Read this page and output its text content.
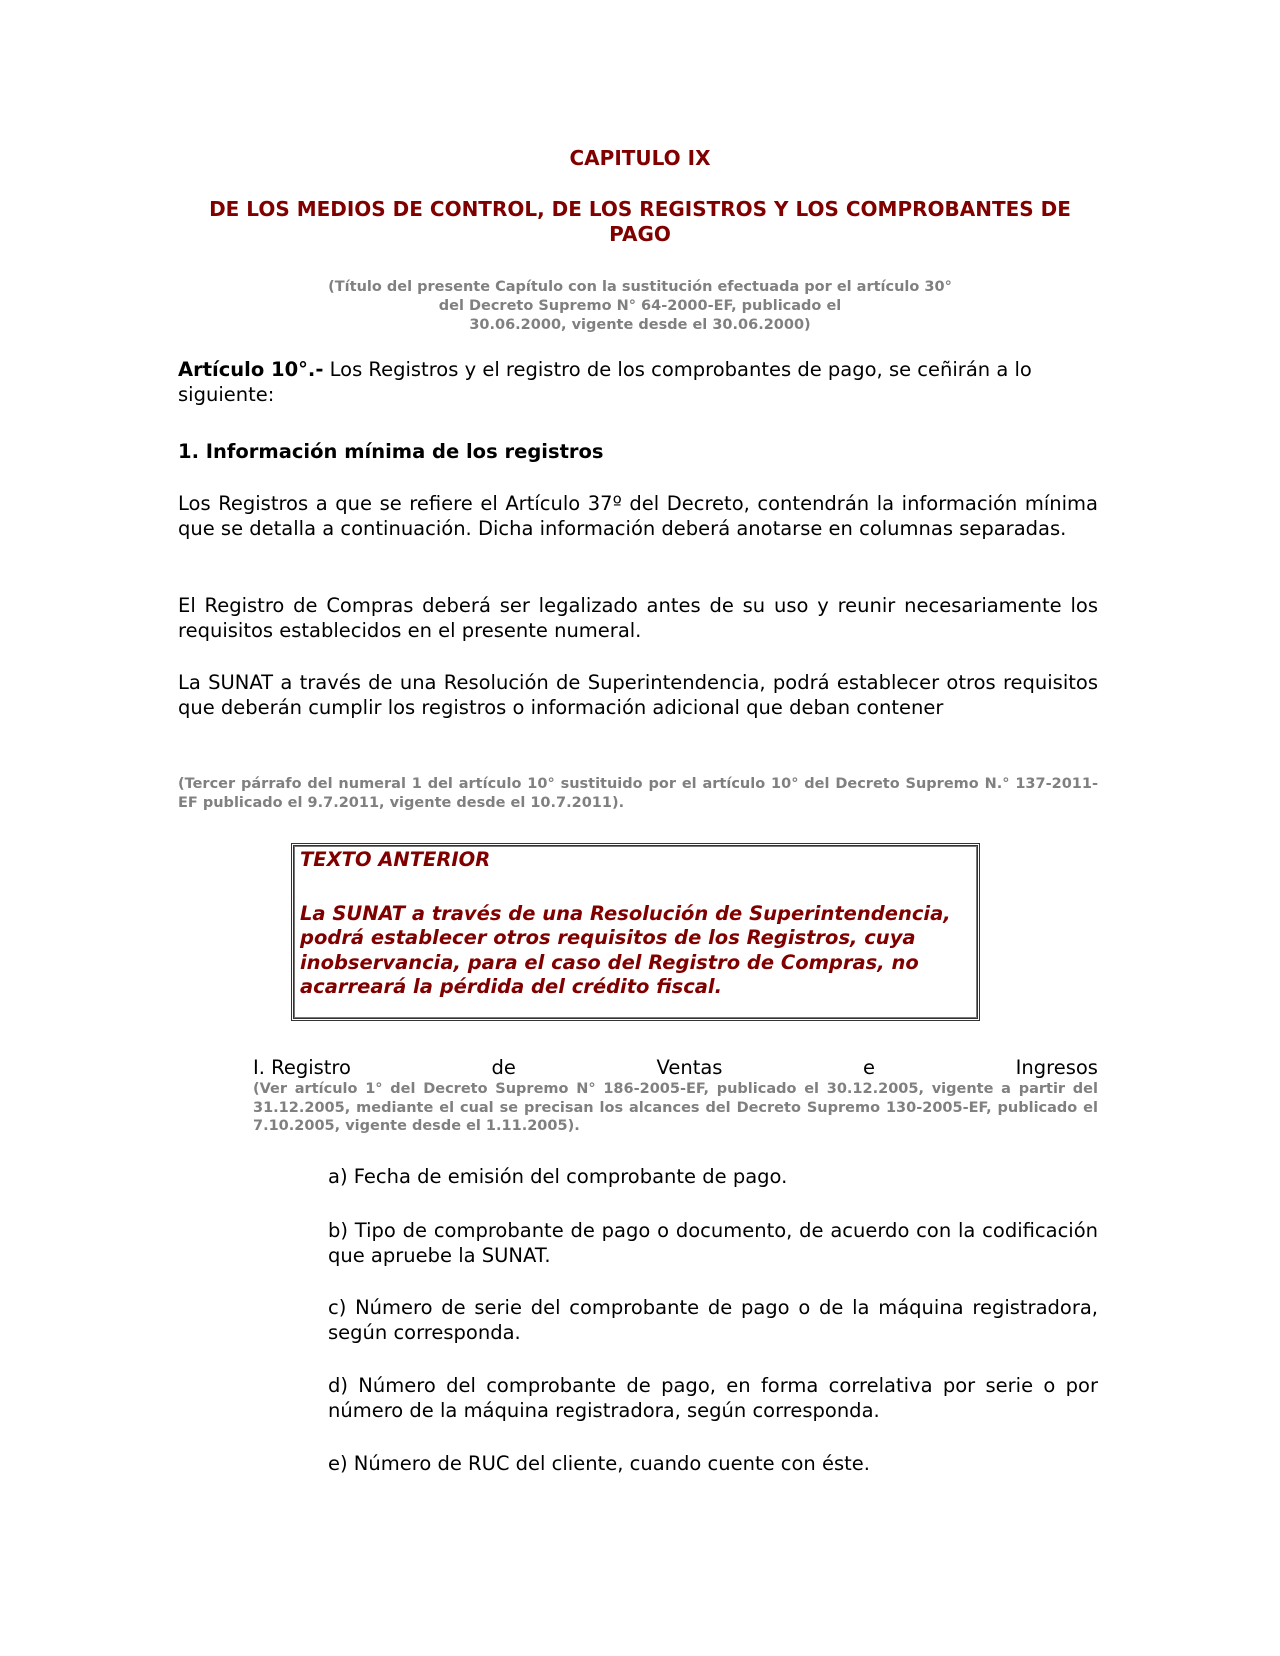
CAPITULO IX

DE LOS MEDIOS DE CONTROL, DE LOS REGISTROS Y LOS COMPROBANTES DE PAGO

(Título del presente Capítulo con la sustitución efectuada por el artículo 30°
del Decreto Supremo N° 64-2000-EF, publicado el
30.06.2000, vigente desde el 30.06.2000)

Artículo 10°.- Los Registros y el registro de los comprobantes de pago, se ceñirán a lo siguiente:

1. Información mínima de los registros

Los Registros a que se refiere el Artículo 37º del Decreto, contendrán la información mínima que se detalla a continuación. Dicha información deberá anotarse en columnas separadas.

El Registro de Compras deberá ser legalizado antes de su uso y reunir necesariamente los requisitos establecidos en el presente numeral.

La SUNAT a través de una Resolución de Superintendencia, podrá establecer otros requisitos que deberán cumplir los registros o información adicional que deban contener

(Tercer párrafo del numeral 1 del artículo 10° sustituido por el artículo 10° del Decreto Supremo N.° 137-2011-EF publicado el 9.7.2011, vigente desde el 10.7.2011).

TEXTO ANTERIOR

La SUNAT a través de una Resolución de Superintendencia, podrá establecer otros requisitos de los Registros, cuya inobservancia, para el caso del Registro de Compras, no acarreará la pérdida del crédito fiscal.

I. Registro	de	Ventas	e	Ingresos

(Ver artículo 1° del Decreto Supremo N° 186-2005-EF, publicado el 30.12.2005, vigente a partir del 31.12.2005, mediante el cual se precisan los alcances del Decreto Supremo 130-2005-EF, publicado el 7.10.2005, vigente desde el 1.11.2005).

a) Fecha de emisión del comprobante de pago.

b) Tipo de comprobante de pago o documento, de acuerdo con la codificación que apruebe la SUNAT.

c) Número de serie del comprobante de pago o de la máquina registradora, según corresponda.

d) Número del comprobante de pago, en forma correlativa por serie o por número de la máquina registradora, según corresponda.

e) Número de RUC del cliente, cuando cuente con éste.
